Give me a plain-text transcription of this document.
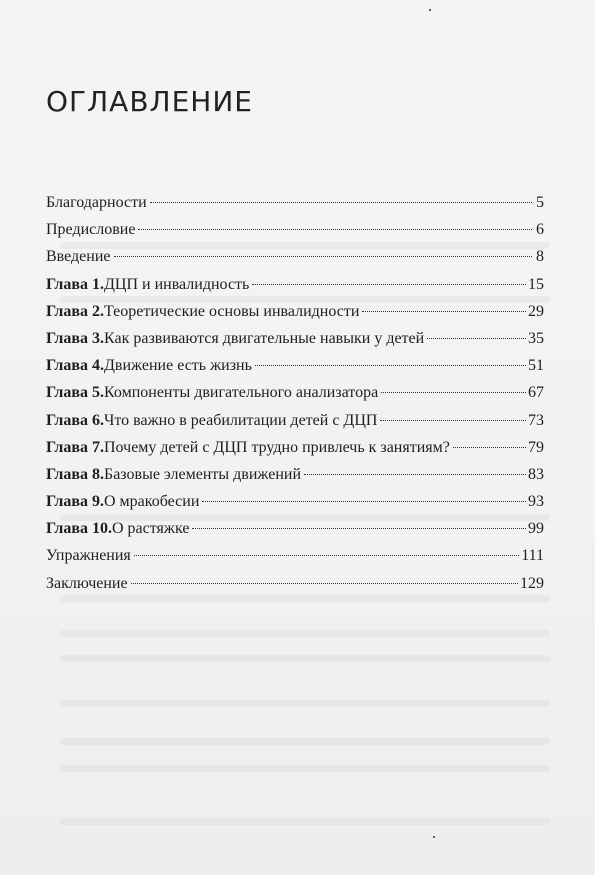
ОГЛАВЛЕНИЕ
Благодарности	5
Предисловие	6
Введение	8
Глава 1. ДЦП и инвалидность	15
Глава 2. Теоретические основы инвалидности	29
Глава 3. Как развиваются двигательные навыки у детей	35
Глава 4. Движение есть жизнь	51
Глава 5. Компоненты двигательного анализатора	67
Глава 6. Что важно в реабилитации детей с ДЦП	73
Глава 7. Почему детей с ДЦП трудно привлечь к занятиям?	79
Глава 8. Базовые элементы движений	83
Глава 9. О мракобесии	93
Глава 10. О растяжке	99
Упражнения	111
Заключение	129
